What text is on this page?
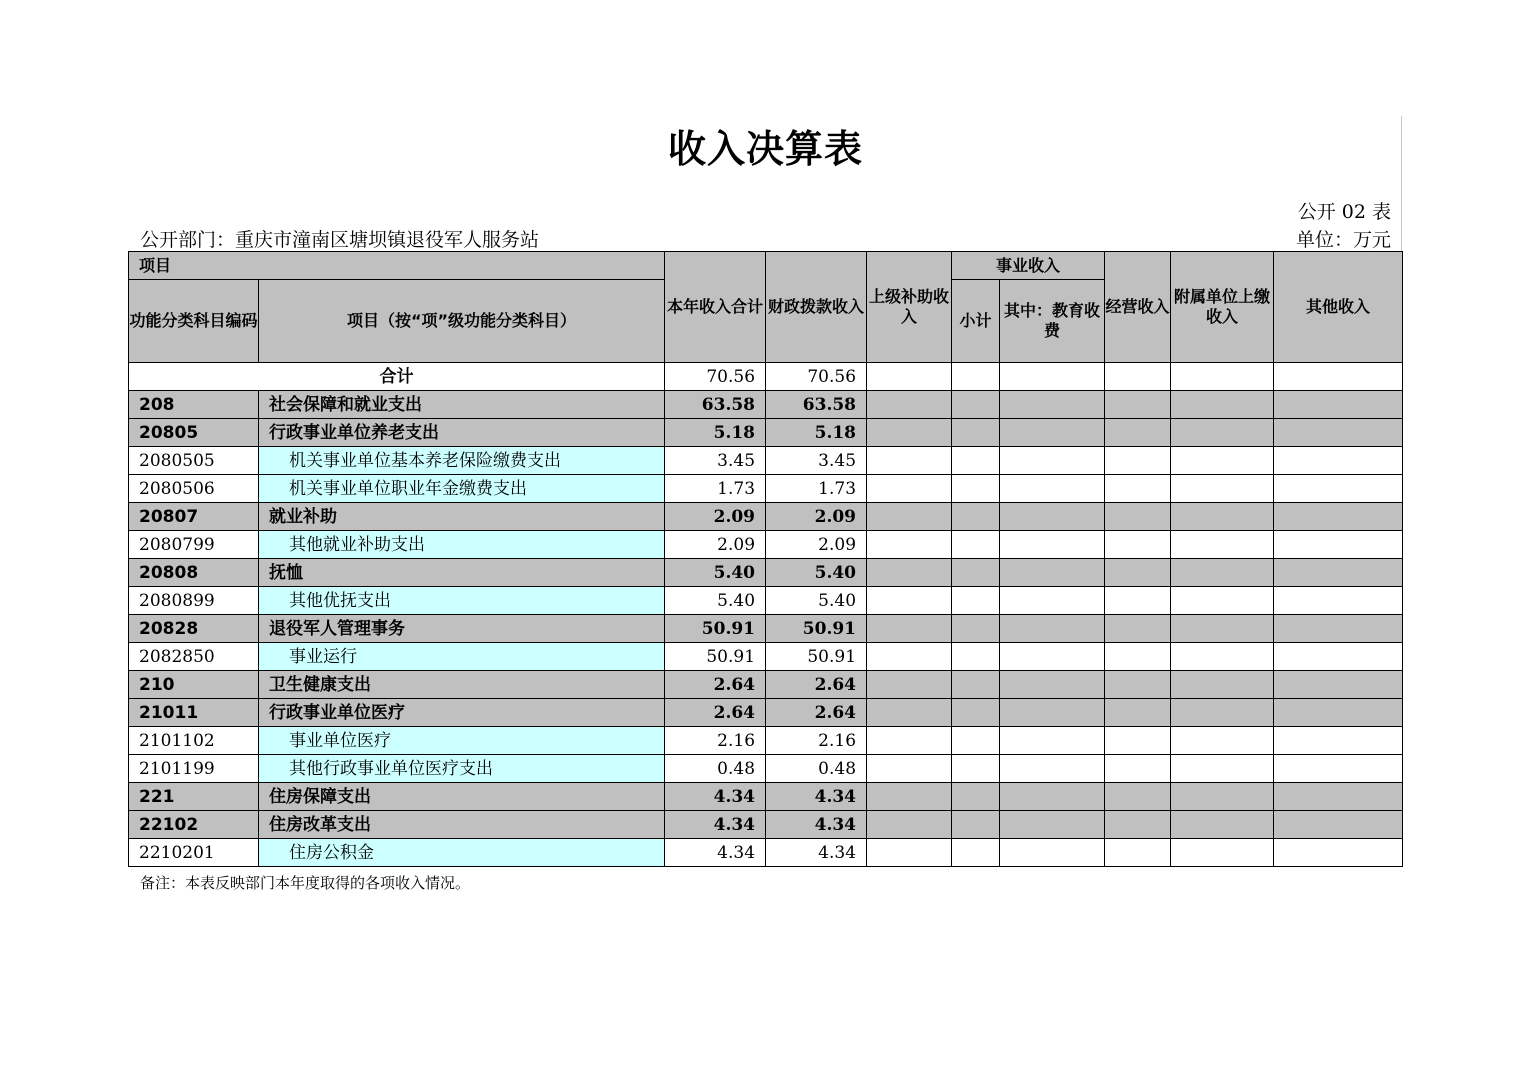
收入决算表
公开 02 表
公开部门：重庆市潼南区塘坝镇退役军人服务站	单位：万元
项目		本年收入合计	财政拨款收入	上级补助收入	事业收入		经营收入	附属单位上缴收入	其他收入
功能分类科目编码	项目（按“项”级功能分类科目）				小计	其中：教育收费			
合计		70.56	70.56						
208	社会保障和就业支出	63.58	63.58						
20805	行政事业单位养老支出	5.18	5.18						
2080505	机关事业单位基本养老保险缴费支出	3.45	3.45						
2080506	机关事业单位职业年金缴费支出	1.73	1.73						
20807	就业补助	2.09	2.09						
2080799	其他就业补助支出	2.09	2.09						
20808	抚恤	5.40	5.40						
2080899	其他优抚支出	5.40	5.40						
20828	退役军人管理事务	50.91	50.91						
2082850	事业运行	50.91	50.91						
210	卫生健康支出	2.64	2.64						
21011	行政事业单位医疗	2.64	2.64						
2101102	事业单位医疗	2.16	2.16						
2101199	其他行政事业单位医疗支出	0.48	0.48						
221	住房保障支出	4.34	4.34						
22102	住房改革支出	4.34	4.34						
2210201	住房公积金	4.34	4.34						
备注：本表反映部门本年度取得的各项收入情况。
